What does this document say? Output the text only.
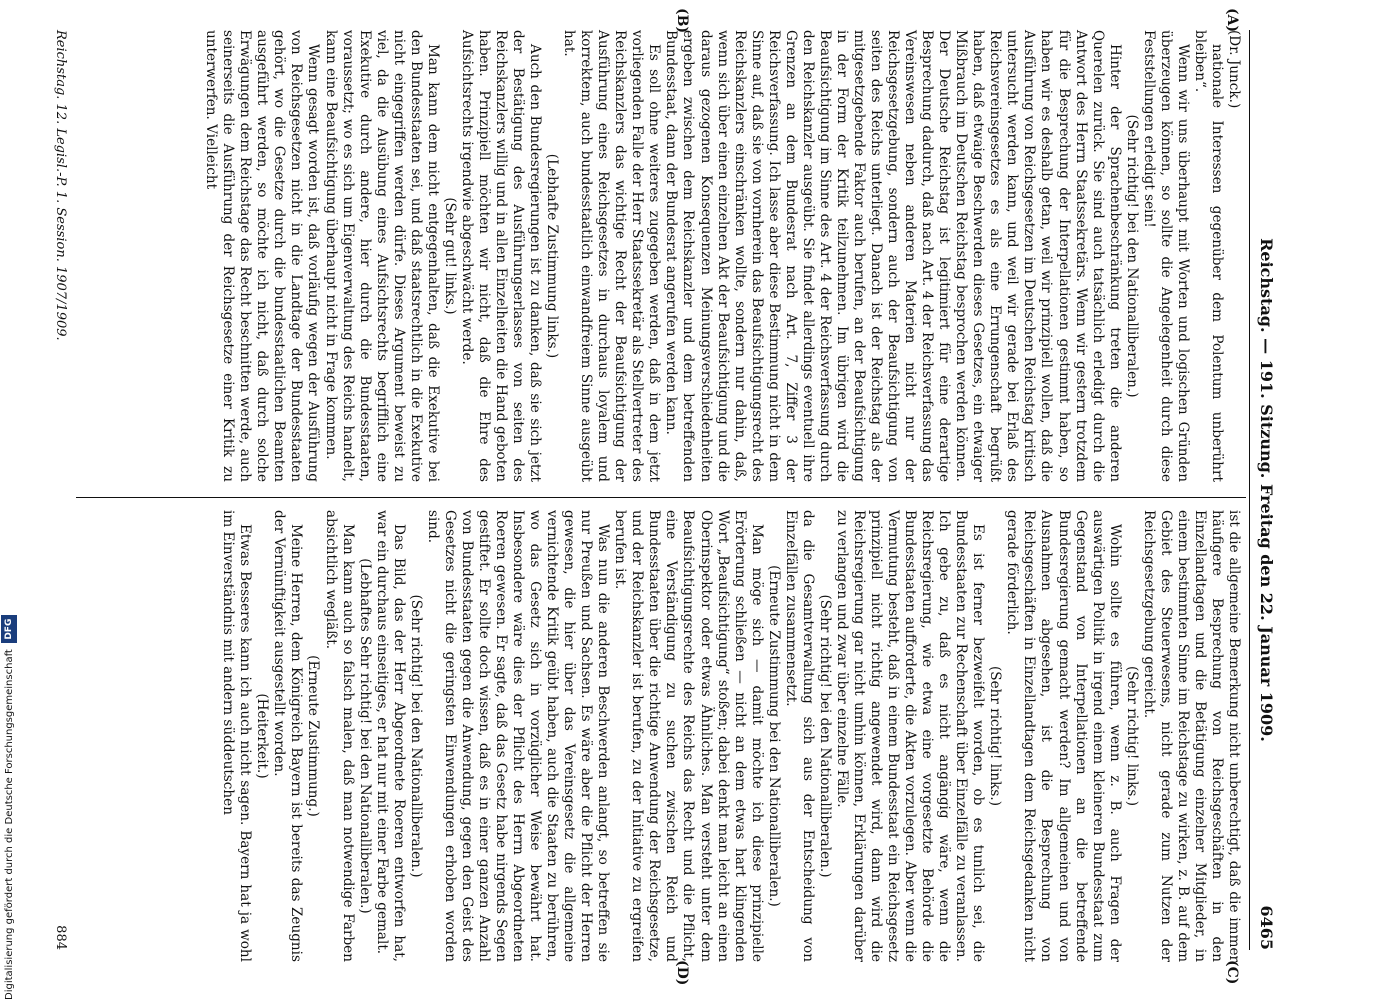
Reichstag. — 191. Sitzung. Freitag den 22. Januar 1909.
6465
(A)
(B)
(C)
(D)

(Dr. Junck.)

nationale Interessen gegenüber dem Polentum unberührt bleiben“.

Wenn wir uns überhaupt mit Worten und logischen Gründen überzeugen können, so sollte die Angelegenheit durch diese Feststellungen erledigt sein!

(Sehr richtig! bei den Nationalliberalen.)

Hinter der Sprachenbeschränkung treten die anderen Querelen zurück. Sie sind auch tatsächlich erledigt durch die Antwort des Herrn Staatssekretärs. Wenn wir gestern trotzdem für die Besprechung der Interpellationen gestimmt haben, so haben wir es deshalb getan, weil wir prinzipiell wollen, daß die Ausführung von Reichsgesetzen im Deutschen Reichstag kritisch untersucht werden kann, und weil wir gerade bei Erlaß des Reichsvereinsgesetzes es als eine Errungenschaft begrüßt haben, daß etwaige Beschwerden dieses Gesetzes, ein etwaiger Mißbrauch im Deutschen Reichstag besprochen werden können. Der Deutsche Reichstag ist legitimiert für eine derartige Besprechung dadurch, daß nach Art. 4 der Reichsverfassung das Vereinswesen neben anderen Materien nicht nur der Reichsgesetzgebung, sondern auch der Beaufsichtigung von seiten des Reichs unterliegt. Danach ist der Reichstag als der mitgesetzgebende Faktor auch berufen, an der Beaufsichtigung in der Form der Kritik teilzunehmen. Im übrigen wird die Beaufsichtigung im Sinne des Art. 4 der Reichsverfassung durch den Reichskanzler ausgeübt. Sie findet allerdings eventuell ihre Grenzen an dem Bundesrat nach Art. 7, Ziffer 3 der Reichsverfassung. Ich lasse aber diese Bestimmung nicht in dem Sinne auf, daß sie von vornherein das Beaufsichtigungsrecht des Reichskanzlers einschränken wollte, sondern nur dahin, daß, wenn sich über einen einzelnen Akt der Beaufsichtigung und die daraus gezogenen Konsequenzen Meinungsverschiedenheiten ergeben zwischen dem Reichskanzler und dem betreffenden Bundesstaat, dann der Bundesrat angerufen werden kann.

Es soll ohne weiteres zugegeben werden, daß in dem jetzt vorliegenden Falle der Herr Staatssekretär als Stellvertreter des Reichskanzlers das wichtige Recht der Beaufsichtigung der Ausführung eines Reichsgesetzes in durchaus loyalem und korrektem, auch bundesstaatlich einwandfreiem Sinne ausgeübt hat.

(Lebhafte Zustimmung links.)

Auch den Bundesregierungen ist zu danken, daß sie sich jetzt der Bestätigung des Ausführungserlasses von seiten des Reichskanzlers willig und in allen Einzelheiten die Hand geboten haben. Prinzipiell möchten wir nicht, daß die Ehre des Aufsichtsrechts irgendwie abgeschwächt werde.

(Sehr gut! links.)

Man kann dem nicht entgegenhalten, daß die Exekutive bei den Bundesstaaten sei, und daß staatsrechtlich in die Exekutive nicht eingegriffen werden dürfe. Dieses Argument beweist zu viel, da die Ausübung eines Aufsichtsrechts begrifflich eine Exekutive durch andere, hier durch die Bundesstaaten, voraussetzt; wo es sich um Eigenverwaltung des Reichs handelt, kann eine Beaufsichtigung überhaupt nicht in Frage kommen.

Wenn gesagt worden ist, daß vorläufig wegen der Ausführung von Reichsgesetzen nicht in die Landtage der Bundesstaaten gehört, wo die Gesetze durch die bundesstaatlichen Beamten ausgeführt werden, so möchte ich nicht, daß durch solche Erwägungen dem Reichstage das Recht beschnitten werde, auch seinerseits die Ausführung der Reichsgesetze einer Kritik zu unterwerfen. Vielleicht

ist die allgemeine Bemerkung nicht unberechtigt, daß die immer häufigere Besprechung von Reichsgeschäften in den Einzellandtagen und die Betätigung einzelner Mitglieder, in einem bestimmten Sinne im Reichstage zu wirken, z. B. auf dem Gebiet des Steuerwesens, nicht gerade zum Nutzen der Reichsgesetzgebung gereicht.

(Sehr richtig! links.)

Wohin sollte es führen, wenn z. B. auch Fragen der auswärtigen Politik in irgend einem kleineren Bundesstaat zum Gegenstand von Interpellationen an die betreffende Bundesregierung gemacht werden? Im allgemeinen und von Ausnahmen abgesehen, ist die Besprechung von Reichsgeschäften in Einzellandtagen dem Reichsgedanken nicht gerade förderlich.

(Sehr richtig! links.)

Es ist ferner bezweifelt worden, ob es tunlich sei, die Bundesstaaten zur Rechenschaft über Einzelfälle zu veranlassen. Ich gebe zu, daß es nicht angängig wäre, wenn die Reichsregierung, wie etwa eine vorgesetzte Behörde die Bundesstaaten aufforderte, die Akten vorzulegen. Aber wenn die Vermutung besteht, daß in einem Bundesstaat ein Reichsgesetz prinzipiell nicht richtig angewendet wird, dann wird die Reichsregierung gar nicht umhin können, Erklärungen darüber zu verlangen und zwar über einzelne Fälle.

(Sehr richtig! bei den Nationalliberalen.)

da die Gesamtverwaltung sich aus der Entscheidung von Einzelfällen zusammensetzt.

(Erneute Zustimmung bei den Nationalliberalen.)

Man möge sich — damit möchte ich diese prinzipielle Erörterung schließen — nicht an dem etwas hart klingenden Wort „Beaufsichtigung“ stoßen; dabei denkt man leicht an einen Oberinspektor oder etwas Ähnliches. Man versteht unter dem Beaufsichtigungsrechte des Reichs das Recht und die Pflicht, eine Verständigung zu suchen zwischen Reich und Bundesstaaten über die richtige Anwendung der Reichsgesetze, und der Reichskanzler ist berufen, zu der Initiative zu ergreifen berufen ist.

Was nun die anderen Beschwerden anlangt, so betreffen sie nur Preußen und Sachsen. Es wäre aber die Pflicht der Herren gewesen, die hier über das Vereinsgesetz die allgemeine vernichtende Kritik geübt haben, auch die Staaten zu berühren, wo das Gesetz sich in vorzüglicher Weise bewährt hat. Insbesondere wäre dies der Pflicht des Herrn Abgeordneten Roeren gewesen. Er sagte, daß das Gesetz habe nirgends Segen gestiftet. Er sollte doch wissen, daß es in einer ganzen Anzahl von Bundesstaaten gegen die Anwendung, gegen den Geist des Gesetzes nicht die geringsten Einwendungen erhoben worden sind.

(Sehr richtig! bei den Nationalliberalen.)

Das Bild, das der Herr Abgeordnete Roeren entworfen hat, war ein durchaus einseitiges, er hat nur mit einer Farbe gemalt.

(Lebhaftes Sehr richtig! bei den Nationalliberalen.)

Man kann auch so falsch malen, daß man notwendige Farben absichtlich wegläßt.

(Erneute Zustimmung.)

Meine Herren, dem Königreich Bayern ist bereits das Zeugnis der Vernünftigkeit ausgestellt worden.

(Heiterkeit.)

Etwas Besseres kann ich auch nicht sagen. Bayern hat ja wohl im Einverständnis mit andern süddeutschen

Reichstag. 12. Legisl.-P. 1. Session. 1907/1909.
884
Digitalisierung gefördert durch die Deutsche Forschungsgemeinschaft
DFG
